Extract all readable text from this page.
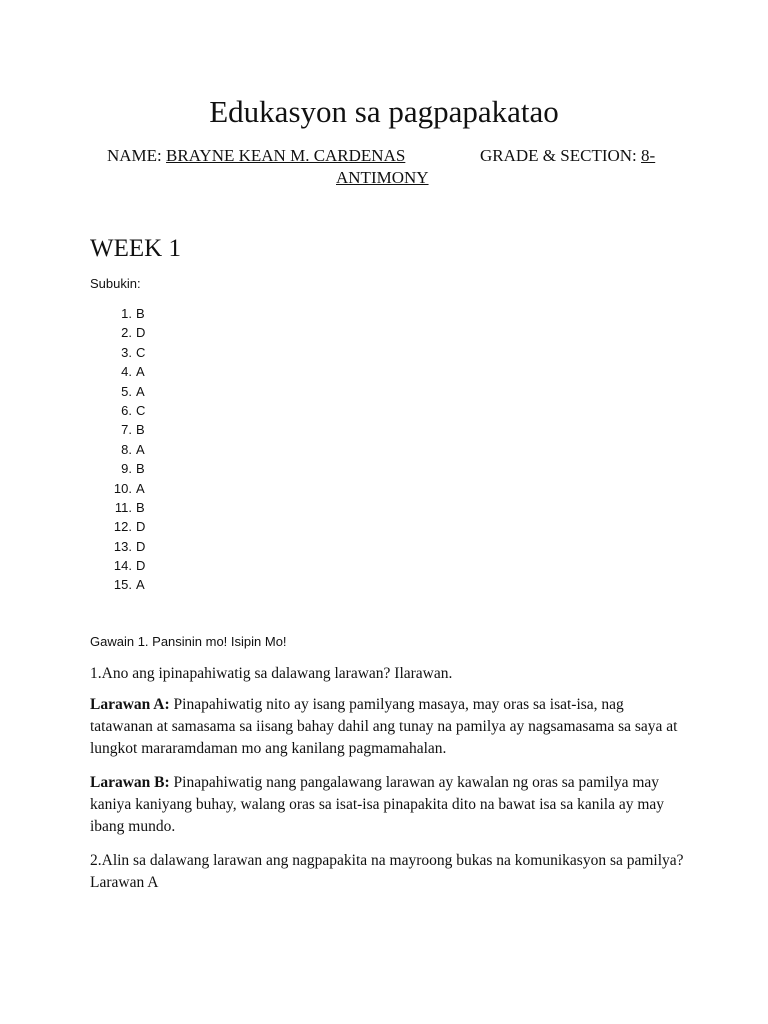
Edukasyon sa pagpapakatao
NAME: BRAYNE KEAN M. CARDENAS	GRADE & SECTION: 8-
ANTIMONY
WEEK 1
Subukin:
1. B
2. D
3. C
4. A
5. A
6. C
7. B
8. A
9. B
10. A
11. B
12. D
13. D
14. D
15. A
Gawain 1. Pansinin mo! Isipin Mo!
1.Ano ang ipinapahiwatig sa dalawang larawan? Ilarawan.
Larawan A: Pinapahiwatig nito ay isang pamilyang masaya, may oras sa isat-isa, nag tatawanan at samasama sa iisang bahay dahil ang tunay na pamilya ay nagsamasama sa saya at lungkot mararamdaman mo ang kanilang pagmamahalan.
Larawan B: Pinapahiwatig nang pangalawang larawan ay kawalan ng oras sa pamilya may kaniya kaniyang buhay, walang oras sa isat-isa pinapakita dito na bawat isa sa kanila ay may ibang mundo.
2.Alin sa dalawang larawan ang nagpapakita na mayroong bukas na komunikasyon sa pamilya? Larawan A
